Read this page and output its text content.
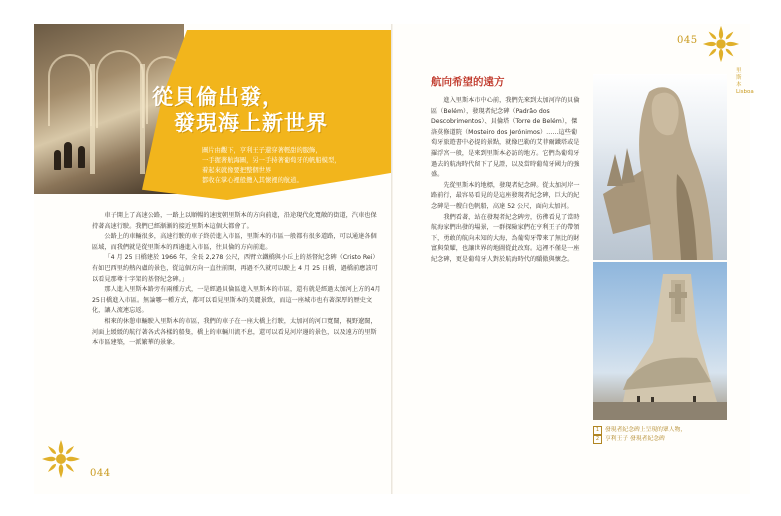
從貝倫出發，
發現海上新世界
圖片由觀下，亨利王子還穿著輕甜的服飾，
一手握著航海圖，另一手持著葡萄牙的帆船模型，
着起來就像要把整個世界
都收在掌心裡般攬入其懷裡的航道。

車子開上了高速公路，一路上以順暢的速度朝里斯本的方向前進，沿途現代化寬敞的街道，汽車也保持著高速行駛。我們已經漸漸的接近里斯本這個大都會了。

公路上的車輛很多，高速行駛的車子終於進入市區，里斯本的市區一般都有很多道路，可以通達各個區域，而我們就是從里斯本的西邊進入市區，往貝倫的方向前進。

「4 月 25 日橋建於 1966 年，全長 2,278 公尺，西臂立鐵橋與小丘上的基督紀念碑（Cristo Rei）有如巴西里約熱內盧的景色，從這個方向一直往前開，再過不久就可以駛上 4 月 25 日橋，過橋前應該可以看見那尊十字架的基督紀念碑。」

那人進入里斯本路旁有兩種方式，一是經過貝倫區進入里斯本的市區，還有就是經過太加河上方的4月25日橋進入市區。無論哪一種方式，都可以看見里斯本的美麗景致，而這一座城市也有著深厚的歷史文化，讓人流連忘返。

相來的休憩車輛駛入里斯本的市區，我們的車子在一座大橋上行駛，太加河的河口寬闊，視野遼闊，河面上緩緩的航行著各式各樣的船隻，橋上的車輛川流不息，還可以看見河岸邊的景色，以及遠方的里斯本市區建築，一派繁華的景象。

044
045
里斯本 Lisboa
航向希望的遠方

進入里斯本市中心前，我們先來到太加河岸的貝倫區（Belém），發現者紀念碑（Padrão dos Descobrimentos）、貝倫塔（Torre de Belém），傑洛莫修道院（Mosteiro dos Jerónimos）……這些葡萄牙旅遊書中必提的景點，就像巴勒的艾菲爾鐵塔或是羅浮宮一般，是來到里斯本必訪的地方。它們為葡萄牙過去的航海時代留下了見證，以及當時葡萄牙國力的強盛。

先從里斯本的地標，發現者紀念碑。從太加河岸一路前行，最容易看見的是這座發現者紀念碑，巨大的紀念碑是一艘白色帆船，高達 52 公尺，面向太加河。

我們看著，站在發現者紀念碑旁，彷彿看見了當時航海家們出發的場景，一群探險家們在亨利王子的帶領下，勇敢的航向未知的大海，為葡萄牙帶來了無比的財富與榮耀，也讓世界的地圖從此改寫。這裡不僅是一座紀念碑，更是葡萄牙人對於航海時代的驕傲與懷念。

1 發現者紀念碑上呈現的眾人物，
2 亨利王子 發現者紀念碑
